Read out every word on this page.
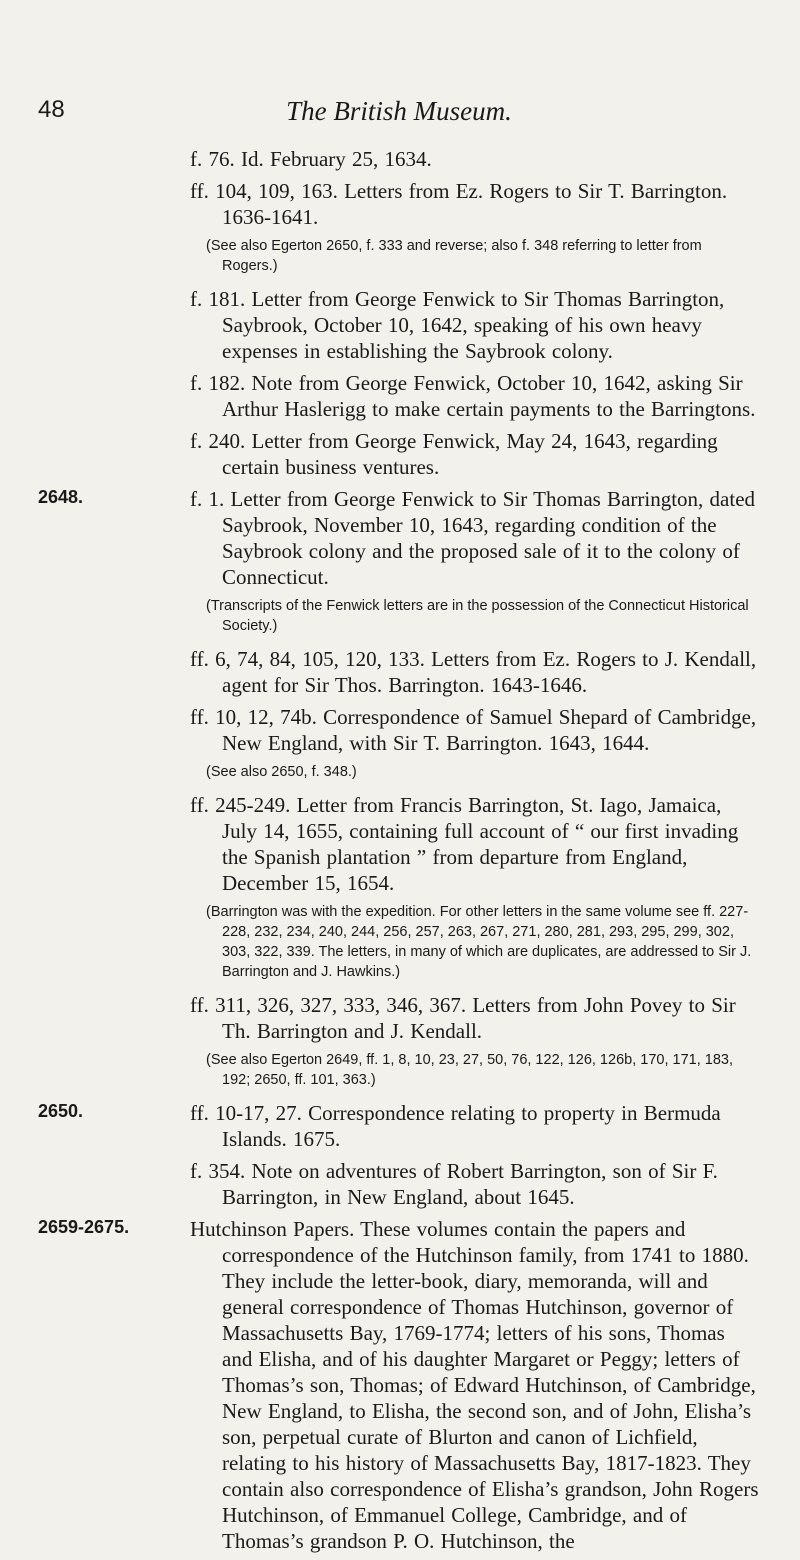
48	The British Museum.

f. 76. Id. February 25, 1634.

ff. 104, 109, 163. Letters from Ez. Rogers to Sir T. Barrington. 1636-1641.

(See also Egerton 2650, f. 333 and reverse; also f. 348 referring to letter from Rogers.)

f. 181. Letter from George Fenwick to Sir Thomas Barrington, Saybrook, October 10, 1642, speaking of his own heavy expenses in establishing the Saybrook colony.

f. 182. Note from George Fenwick, October 10, 1642, asking Sir Arthur Haslerigg to make certain payments to the Barringtons.

f. 240. Letter from George Fenwick, May 24, 1643, regarding certain business ventures.

2648.	f. 1. Letter from George Fenwick to Sir Thomas Barrington, dated Saybrook, November 10, 1643, regarding condition of the Saybrook colony and the proposed sale of it to the colony of Connecticut.

(Transcripts of the Fenwick letters are in the possession of the Connecticut Historical Society.)

ff. 6, 74, 84, 105, 120, 133. Letters from Ez. Rogers to J. Kendall, agent for Sir Thos. Barrington. 1643-1646.

ff. 10, 12, 74b. Correspondence of Samuel Shepard of Cambridge, New England, with Sir T. Barrington. 1643, 1644.

(See also 2650, f. 348.)

ff. 245-249. Letter from Francis Barrington, St. Iago, Jamaica, July 14, 1655, containing full account of “ our first invading the Spanish plantation ” from departure from England, December 15, 1654.

(Barrington was with the expedition. For other letters in the same volume see ff. 227-228, 232, 234, 240, 244, 256, 257, 263, 267, 271, 280, 281, 293, 295, 299, 302, 303, 322, 339. The letters, in many of which are duplicates, are addressed to Sir J. Barrington and J. Hawkins.)

ff. 311, 326, 327, 333, 346, 367. Letters from John Povey to Sir Th. Barrington and J. Kendall.

(See also Egerton 2649, ff. 1, 8, 10, 23, 27, 50, 76, 122, 126, 126b, 170, 171, 183, 192; 2650, ff. 101, 363.)

2650.	ff. 10-17, 27. Correspondence relating to property in Bermuda Islands. 1675.

f. 354. Note on adventures of Robert Barrington, son of Sir F. Barrington, in New England, about 1645.

2659-2675.	Hutchinson Papers. These volumes contain the papers and correspondence of the Hutchinson family, from 1741 to 1880. They include the letter-book, diary, memoranda, will and general correspondence of Thomas Hutchinson, governor of Massachusetts Bay, 1769-1774; letters of his sons, Thomas and Elisha, and of his daughter Margaret or Peggy; letters of Thomas’s son, Thomas; of Edward Hutchinson, of Cambridge, New England, to Elisha, the second son, and of John, Elisha’s son, perpetual curate of Blurton and canon of Lichfield, relating to his history of Massachusetts Bay, 1817-1823. They contain also correspondence of Elisha’s grandson, John Rogers Hutchinson, of Emmanuel College, Cambridge, and of Thomas’s grandson P. O. Hutchinson, the
